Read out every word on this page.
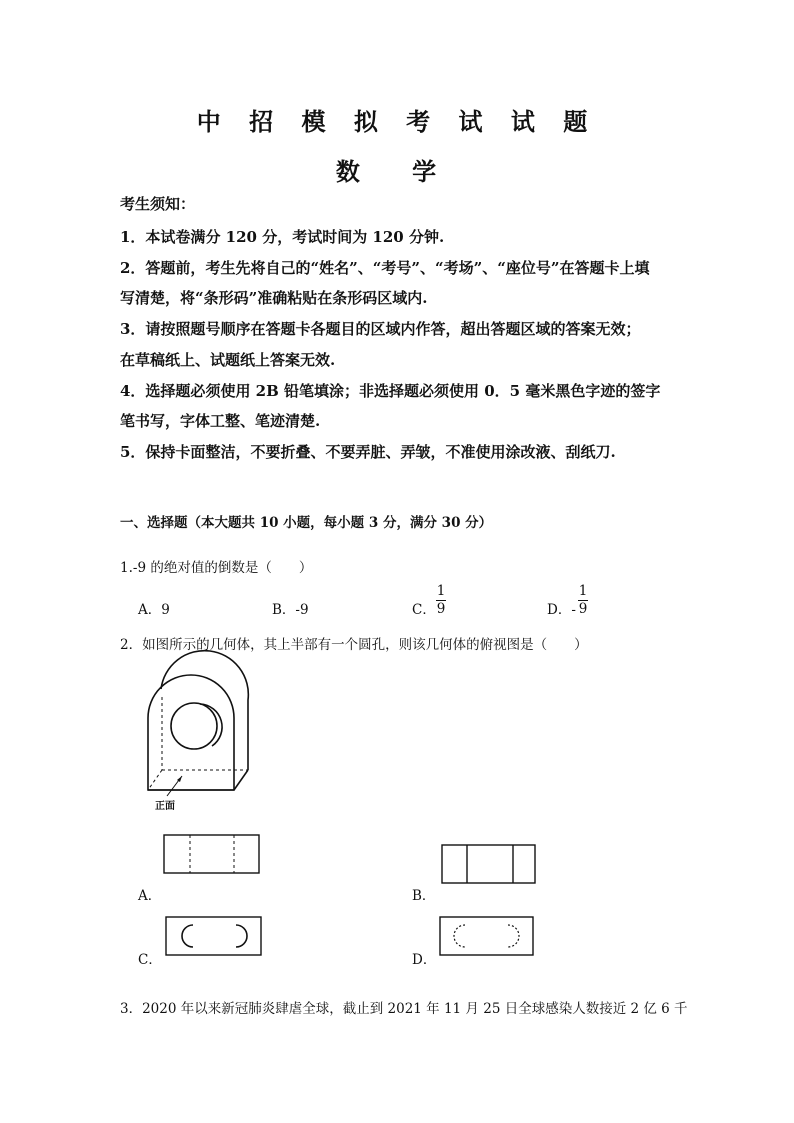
中 招 模 拟 考 试 试 题
数 学
考生须知：
1．本试卷满分 120 分，考试时间为 120 分钟.
2．答题前，考生先将自己的“姓名”、“考号”、“考场”、“座位号”在答题卡上填
写清楚，将“条形码”准确粘贴在条形码区域内.
3．请按照题号顺序在答题卡各题目的区域内作答，超出答题区域的答案无效；
在草稿纸上、试题纸上答案无效.
4．选择题必须使用 2B 铅笔填涂；非选择题必须使用 0．5 毫米黑色字迹的签字
笔书写，字体工整、笔迹清楚.
5．保持卡面整洁，不要折叠、不要弄脏、弄皱，不准使用涂改液、刮纸刀.
一、选择题（本大题共 10 小题，每小题 3 分，满分 30 分）
1.-9 的绝对值的倒数是（　　）
A．9	B．-9	C．
1
9	D．-
1
9
2．如图所示的几何体，其上半部有一个圆孔，则该几何体的俯视图是（　　）
正面
A．	B．
C．	D．
3．2020 年以来新冠肺炎肆虐全球，截止到 2021 年 11 月 25 日全球感染人数接近 2 亿 6 千
